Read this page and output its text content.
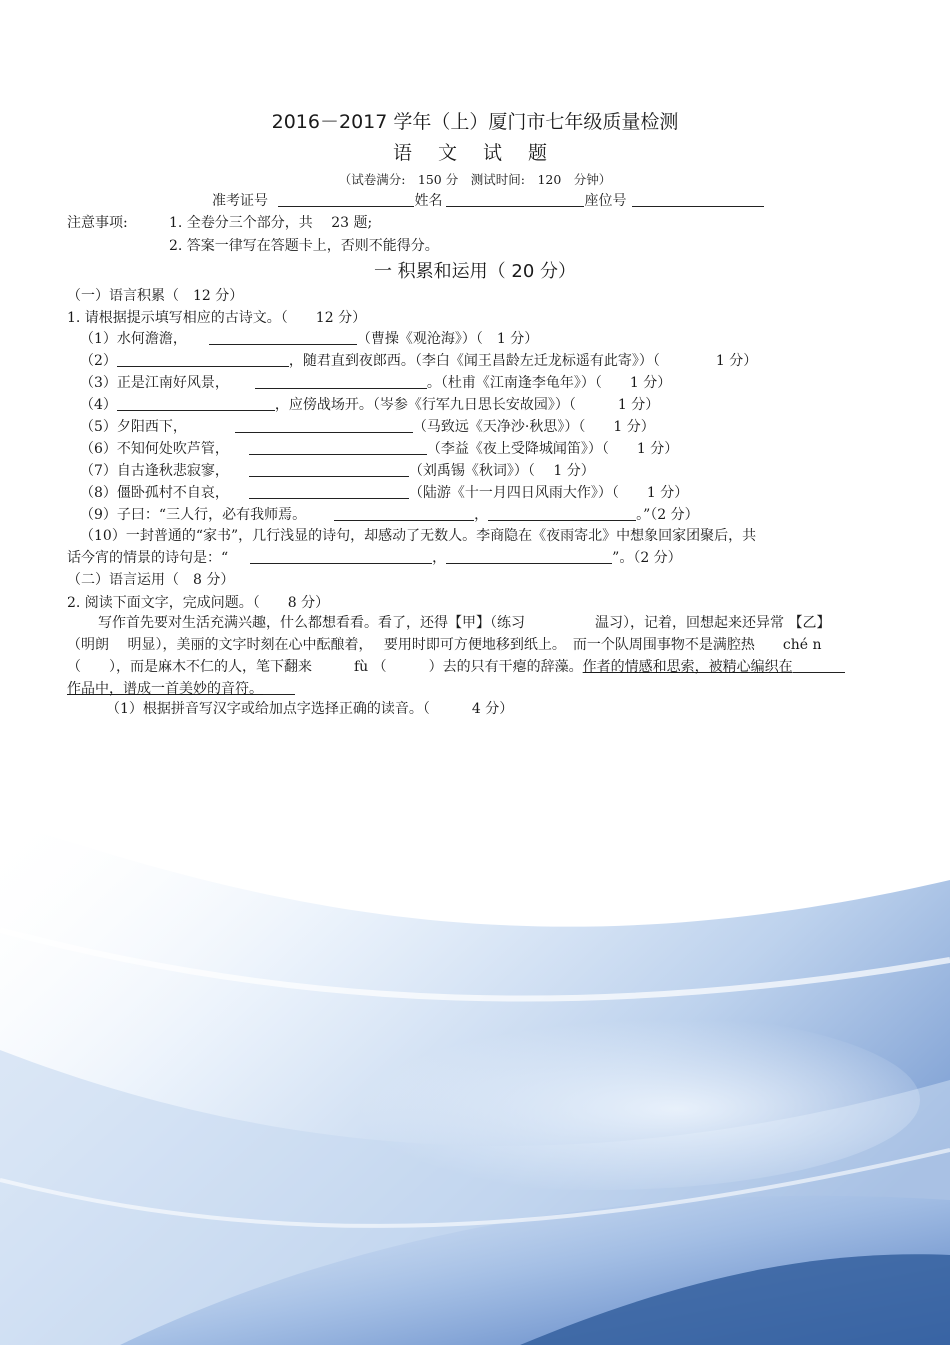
2016－2017 学年（上）厦门市七年级质量检测
语 文 试 题
（试卷满分:　150 分　测试时间:　120　分钟）
准考证号	姓名	座位号
注意事项:	1. 全卷分三个部分，共　 23 题;
2. 答案一律写在答题卡上，否则不能得分。
一 积累和运用（ 20 分）
（一）语言积累（　12 分）
1. 请根据提示填写相应的古诗文。（　　12 分）
（1）水何澹澹，	（曹操《观沧海》）（　1 分）
（2）	，随君直到夜郎西。（李白《闻王昌龄左迁龙标遥有此寄》）（　　　　1 分）
（3）正是江南好风景，	。（杜甫《江南逢李龟年》）（　　1 分）
（4）	，应傍战场开。（岑参《行军九日思长安故园》）（　　　1 分）
（5）夕阳西下，	（马致远《天净沙·秋思》）（　　1 分）
（6）不知何处吹芦管，	（李益《夜上受降城闻笛》）（　　1 分）
（7）自古逢秋悲寂寥，	（刘禹锡《秋词》）（　 1 分）
（8）僵卧孤村不自哀，	（陆游《十一月四日风雨大作》）（　　1 分）
（9）子曰：“三人行，必有我师焉。	，	。”（2 分）
（10）一封普通的“家书”，几行浅显的诗句，却感动了无数人。李商隐在《夜雨寄北》中想象回家团聚后，共
话今宵的情景的诗句是：“	，	”。（2 分）
（二）语言运用（　8 分）
2. 阅读下面文字，完成问题。（　　8 分）
写作首先要对生活充满兴趣，什么都想看看。看了，还得【甲】（练习　　　　　温习），记着，回想起来还异常 【乙】
（明朗　 明显），美丽的文字时刻在心中酝酿着，　 要用时即可方便地移到纸上。　而一个队周围事物不是满腔热　　ché n
（　　），而是麻木不仁的人，笔下翻来　　　fù （　　　）去的只有干瘪的辞藻。作者的情感和思索，被精心编织在
作品中，谱成一首美妙的音符。
（1）根据拼音写汉字或给加点字选择正确的读音。（　　　4 分）
